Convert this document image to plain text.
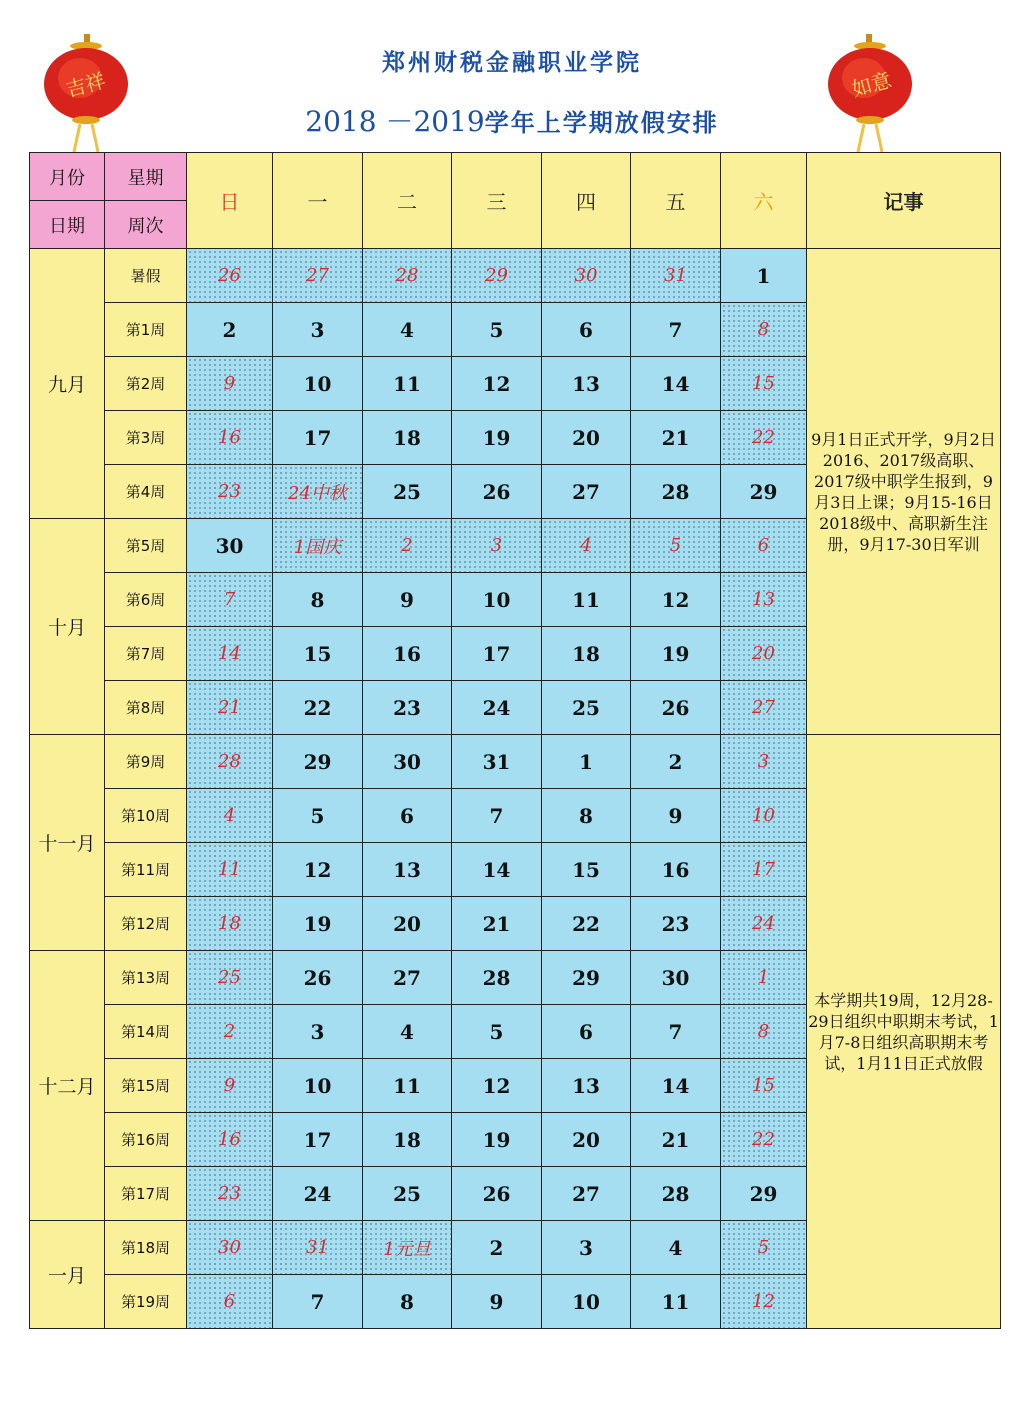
吉祥	如意
郑州财税金融职业学院
2018 －2019学年上学期放假安排
月份	星期	日	一	二	三	四	五	六	记事
日期	周次								
九月	暑假	26	27	28	29	30	31	1	9月1日正式开学，9月2日2016、2017级高职、2017级中职学生报到，9月3日上课；9月15-16日2018级中、高职新生注册，9月17-30日军训
	第1周	2	3	4	5	6	7	8	
	第2周	9	10	11	12	13	14	15	
	第3周	16	17	18	19	20	21	22	
	第4周	23	24中秋	25	26	27	28	29	
十月	第5周	30	1国庆	2	3	4	5	6	
	第6周	7	8	9	10	11	12	13	
	第7周	14	15	16	17	18	19	20	
	第8周	21	22	23	24	25	26	27	
十一月	第9周	28	29	30	31	1	2	3	本学期共19周，12月28-29日组织中职期末考试，1月7-8日组织高职期末考试，1月11日正式放假
	第10周	4	5	6	7	8	9	10	
	第11周	11	12	13	14	15	16	17	
	第12周	18	19	20	21	22	23	24	
十二月	第13周	25	26	27	28	29	30	1	
	第14周	2	3	4	5	6	7	8	
	第15周	9	10	11	12	13	14	15	
	第16周	16	17	18	19	20	21	22	
	第17周	23	24	25	26	27	28	29	
一月	第18周	30	31	1元旦	2	3	4	5	
	第19周	6	7	8	9	10	11	12	
